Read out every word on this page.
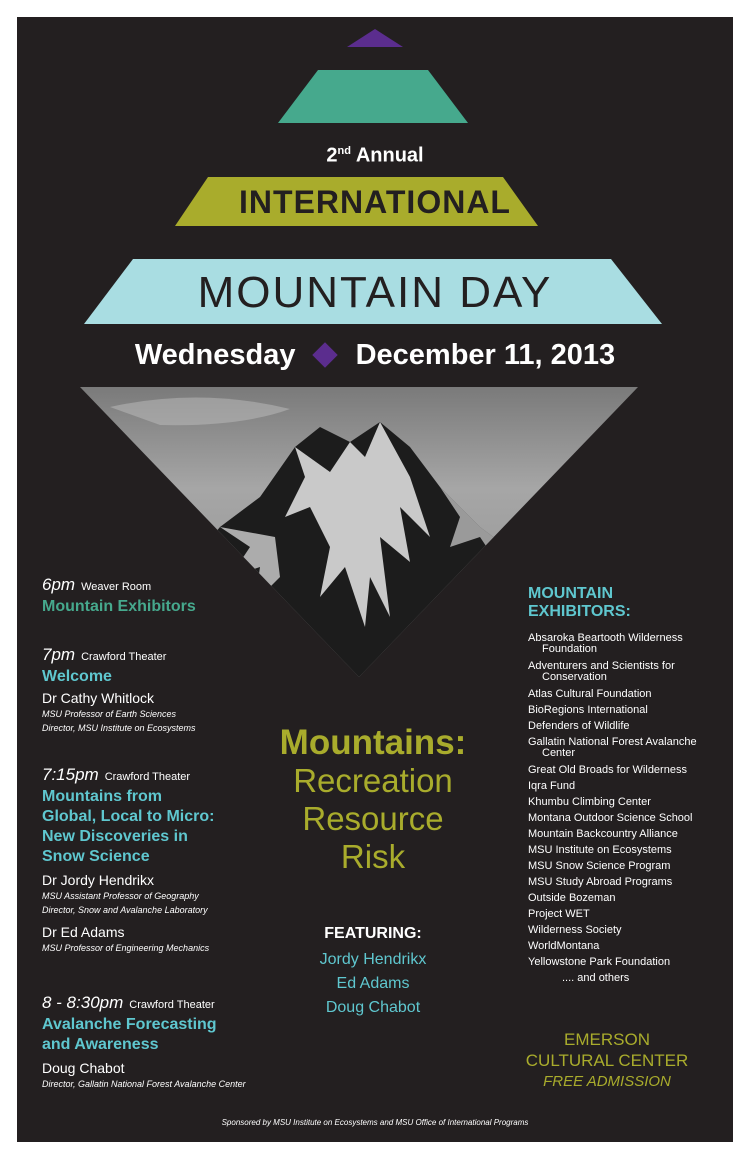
2nd Annual
INTERNATIONAL
MOUNTAIN DAY
Wednesday December 11, 2013
6pm Weaver Room
Mountain Exhibitors
7pm Crawford Theater
Welcome
Dr Cathy Whitlock
MSU Professor of Earth Sciences
Director, MSU Institute on Ecosystems
7:15pm Crawford Theater
Mountains from
Global, Local to Micro:
New Discoveries in
Snow Science
Dr Jordy Hendrikx
MSU Assistant Professor of Geography
Director, Snow and Avalanche Laboratory
Dr Ed Adams
MSU Professor of Engineering Mechanics
8 - 8:30pm Crawford Theater
Avalanche Forecasting
and Awareness
Doug Chabot
Director, Gallatin National Forest Avalanche Center
Mountains:
Recreation
Resource
Risk
FEATURING:
Jordy Hendrikx
Ed Adams
Doug Chabot
MOUNTAIN
EXHIBITORS:
Absaroka Beartooth Wilderness
Foundation
Adventurers and Scientists for
Conservation
Atlas Cultural Foundation
BioRegions International
Defenders of Wildlife
Gallatin National Forest Avalanche
Center
Great Old Broads for Wilderness
Iqra Fund
Khumbu Climbing Center
Montana Outdoor Science School
Mountain Backcountry Alliance
MSU Institute on Ecosystems
MSU Snow Science Program
MSU Study Abroad Programs
Outside Bozeman
Project WET
Wilderness Society
WorldMontana
Yellowstone Park Foundation
.... and others
EMERSON
CULTURAL CENTER
FREE ADMISSION
Sponsored by MSU Institute on Ecosystems and MSU Office of International Programs
